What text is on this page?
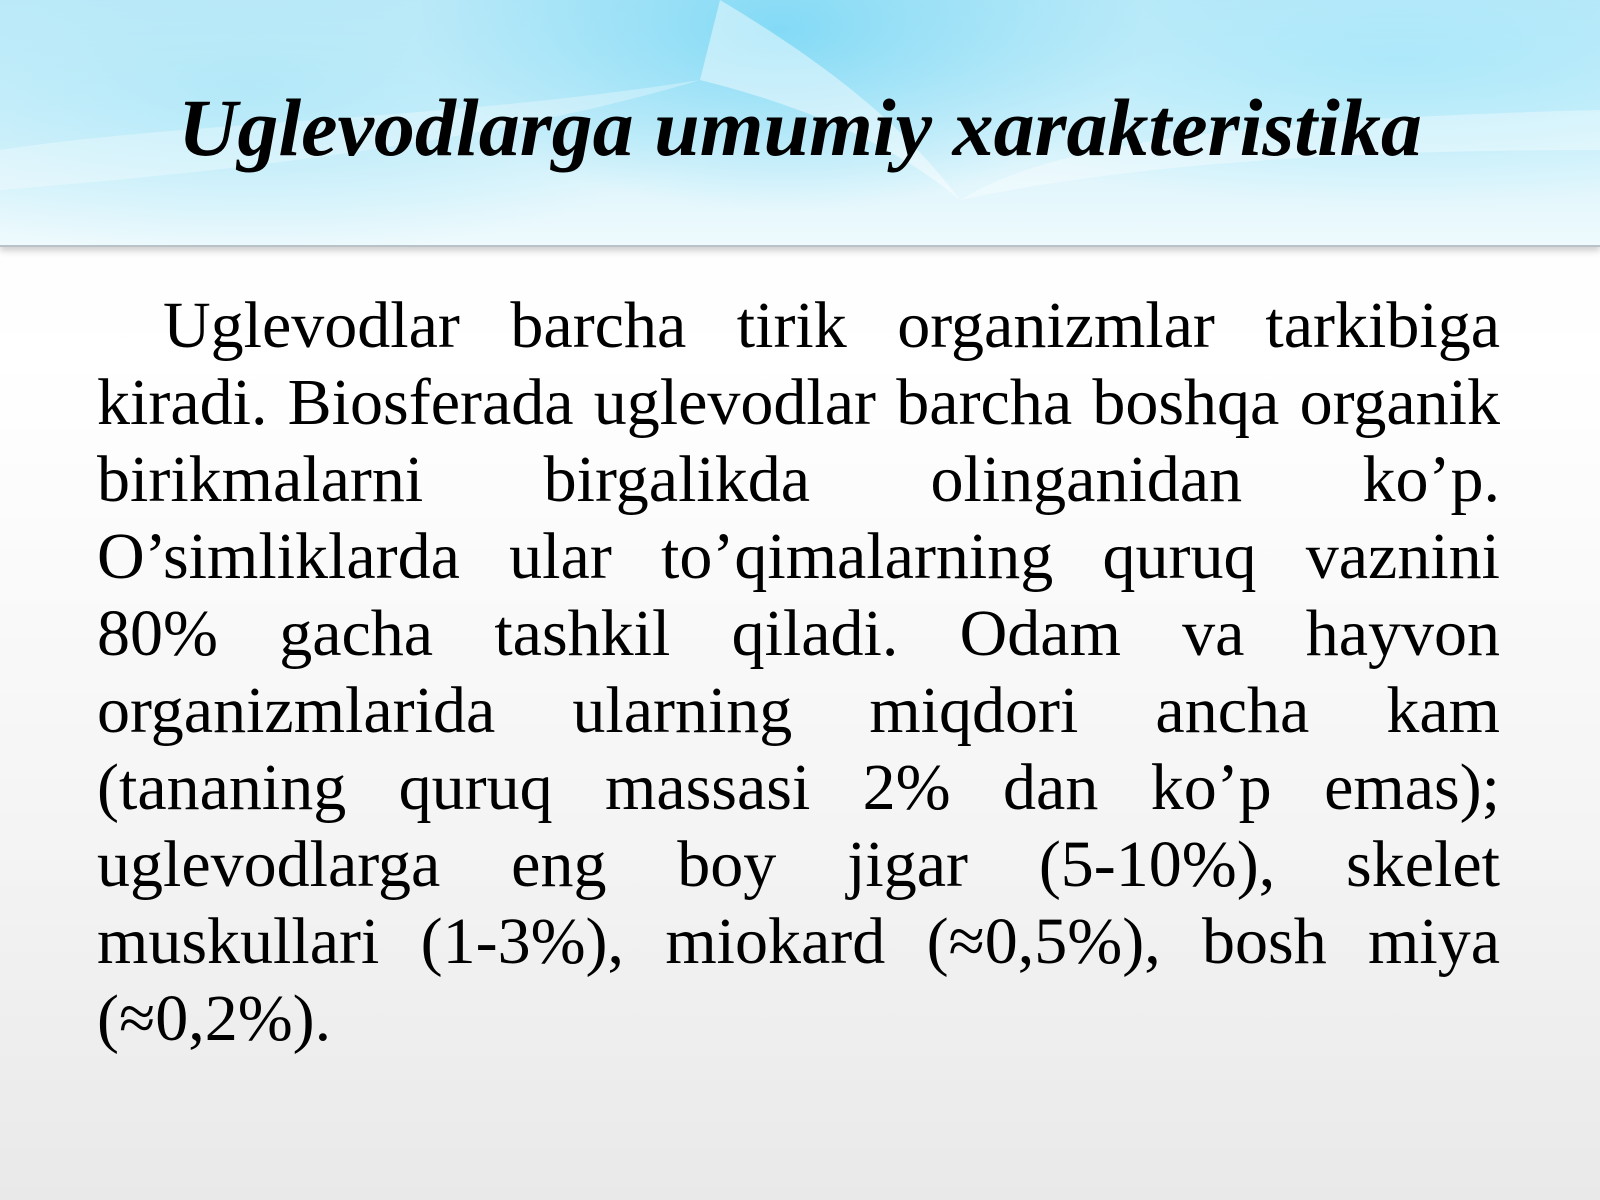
Uglevodlarga umumiy xarakteristika

Uglevodlar barcha tirik organizmlar tarkibiga kiradi. Biosferada uglevodlar barcha boshqa organik birikmalarni birgalikda olinganidan ko’p. O’simliklarda ular to’qimalarning quruq vaznini 80% gacha tashkil qiladi. Odam va hayvon organizmlarida ularning miqdori ancha kam (tananing quruq massasi 2% dan ko’p emas); uglevodlarga eng boy jigar (5-10%), skelet muskullari (1-3%), miokard (≈0,5%), bosh miya (≈0,2%).
